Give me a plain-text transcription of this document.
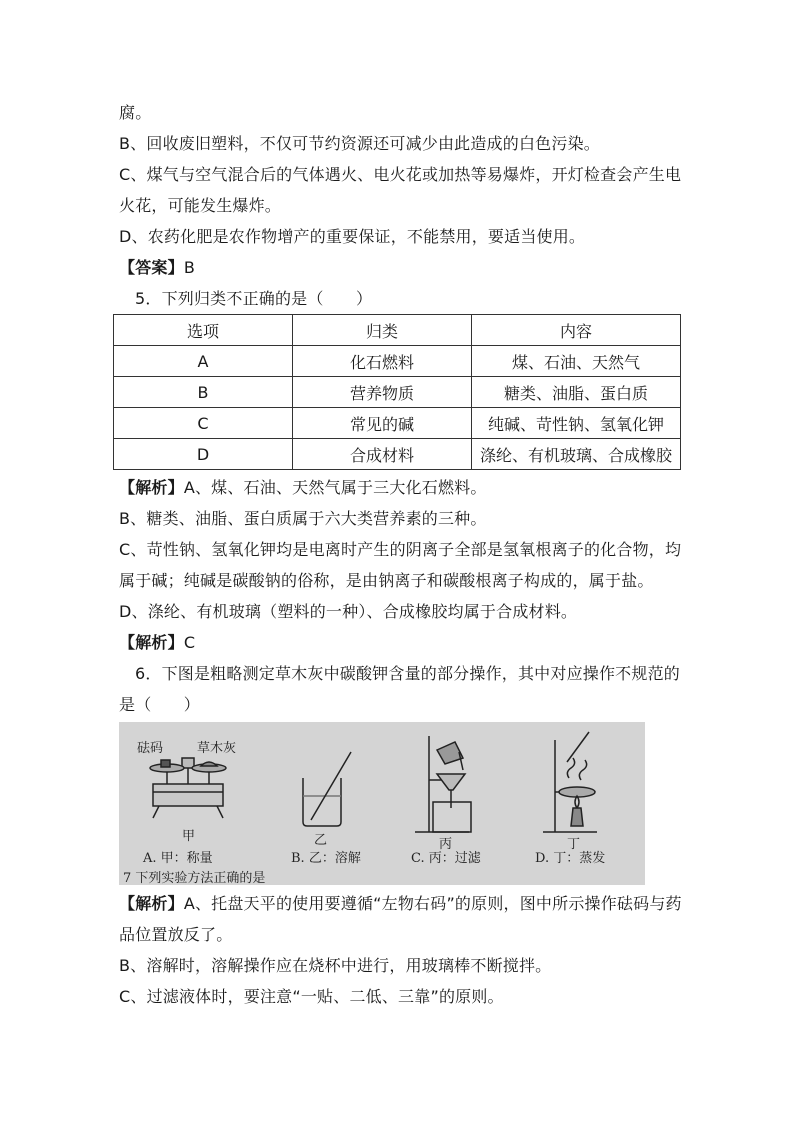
腐。
B、回收废旧塑料，不仅可节约资源还可减少由此造成的白色污染。
C、煤气与空气混合后的气体遇火、电火花或加热等易爆炸，开灯检查会产生电
火花，可能发生爆炸。
D、农药化肥是农作物增产的重要保证，不能禁用，要适当使用。
【答案】B
5．下列归类不正确的是（　　）
选项	归类	内容
A	化石燃料	煤、石油、天然气
B	营养物质	糖类、油脂、蛋白质
C	常见的碱	纯碱、苛性钠、氢氧化钾
D	合成材料	涤纶、有机玻璃、合成橡胶
【解析】A、煤、石油、天然气属于三大化石燃料。
B、糖类、油脂、蛋白质属于六大类营养素的三种。
C、苛性钠、氢氧化钾均是电离时产生的阴离子全部是氢氧根离子的化合物，均
属于碱；纯碱是碳酸钠的俗称，是由钠离子和碳酸根离子构成的，属于盐。
D、涤纶、有机玻璃（塑料的一种）、合成橡胶均属于合成材料。
【解析】C
6．下图是粗略测定草木灰中碳酸钾含量的部分操作，其中对应操作不规范的
是（　　）
砝码	草木灰
甲	乙	丙	丁
A. 甲：称量	B. 乙：溶解	C. 丙：过滤	D. 丁：蒸发
7 下列实验方法正确的是
【解析】A、托盘天平的使用要遵循“左物右码”的原则，图中所示操作砝码与药
品位置放反了。
B、溶解时，溶解操作应在烧杯中进行，用玻璃棒不断搅拌。
C、过滤液体时，要注意“一贴、二低、三靠”的原则。
